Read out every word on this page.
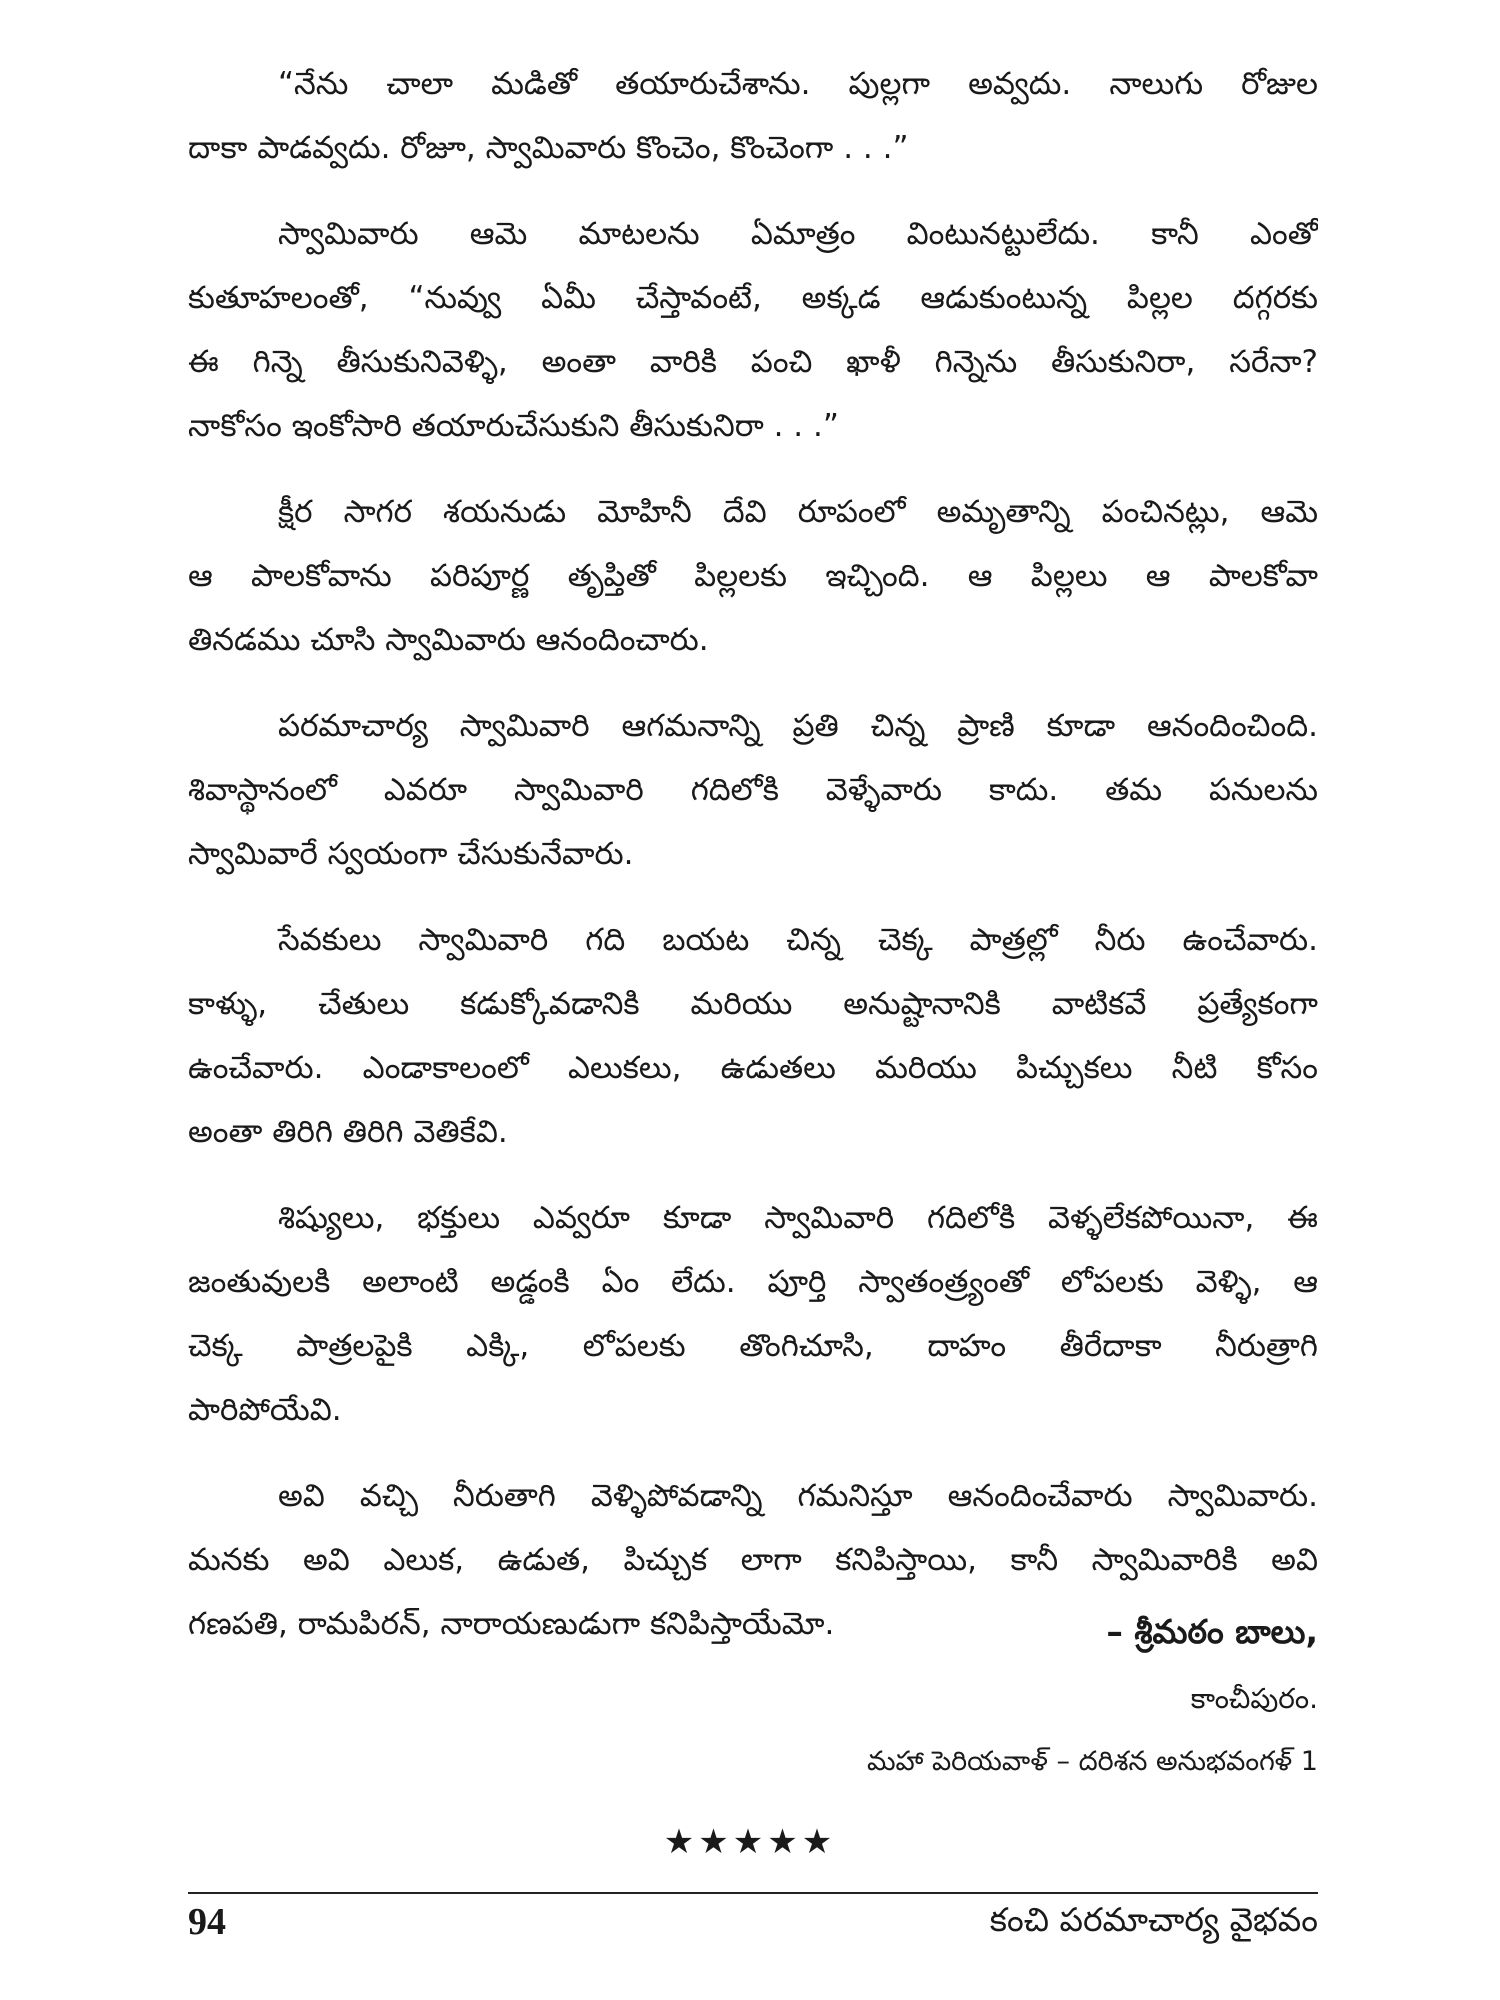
“నేను చాలా మడితో తయారుచేశాను. పుల్లగా అవ్వదు. నాలుగు రోజుల
దాకా పాడవ్వదు. రోజూ, స్వామివారు కొంచెం, కొంచెంగా . . .”

స్వామివారు ఆమె మాటలను ఏమాత్రం వింటునట్టులేదు. కానీ ఎంతో
కుతూహలంతో, “నువ్వు ఏమీ చేస్తావంటే, అక్కడ ఆడుకుంటున్న పిల్లల దగ్గరకు
ఈ గిన్నె తీసుకునివెళ్ళి, అంతా వారికి పంచి ఖాళీ గిన్నెను తీసుకునిరా, సరేనా?
నాకోసం ఇంకోసారి తయారుచేసుకుని తీసుకునిరా . . .”

క్షీర సాగర శయనుడు మోహినీ దేవి రూపంలో అమృతాన్ని పంచినట్లు, ఆమె
ఆ పాలకోవాను పరిపూర్ణ తృప్తితో పిల్లలకు ఇచ్చింది. ఆ పిల్లలు ఆ పాలకోవా
తినడము చూసి స్వామివారు ఆనందించారు.

పరమాచార్య స్వామివారి ఆగమనాన్ని ప్రతి చిన్న ప్రాణి కూడా ఆనందించింది.
శివాస్థానంలో ఎవరూ స్వామివారి గదిలోకి వెళ్ళేవారు కాదు. తమ పనులను
స్వామివారే స్వయంగా చేసుకునేవారు.

సేవకులు స్వామివారి గది బయట చిన్న చెక్క పాత్రల్లో నీరు ఉంచేవారు.
కాళ్ళు, చేతులు కడుక్కోవడానికి మరియు అనుష్టానానికి వాటికవే ప్రత్యేకంగా
ఉంచేవారు. ఎండాకాలంలో ఎలుకలు, ఉడుతలు మరియు పిచ్చుకలు నీటి కోసం
అంతా తిరిగి తిరిగి వెతికేవి.

శిష్యులు, భక్తులు ఎవ్వరూ కూడా స్వామివారి గదిలోకి వెళ్ళలేకపోయినా, ఈ
జంతువులకి అలాంటి అడ్డంకి ఏం లేదు. పూర్తి స్వాతంత్ర్యంతో లోపలకు వెళ్ళి, ఆ
చెక్క పాత్రలపైకి ఎక్కి, లోపలకు తొంగిచూసి, దాహం తీరేదాకా నీరుత్రాగి
పారిపోయేవి.

అవి వచ్చి నీరుతాగి వెళ్ళిపోవడాన్ని గమనిస్తూ ఆనందించేవారు స్వామివారు.
మనకు అవి ఎలుక, ఉడుత, పిచ్చుక లాగా కనిపిస్తాయి, కానీ స్వామివారికి అవి
గణపతి, రామపిరన్, నారాయణుడుగా కనిపిస్తాయేమో.	– శ్రీమఠం బాలు,
కాంచీపురం.
మహా పెరియవాళ్ – దరిశన అనుభవంగళ్ 1
★★★★★
94	కంచి పరమాచార్య వైభవం
